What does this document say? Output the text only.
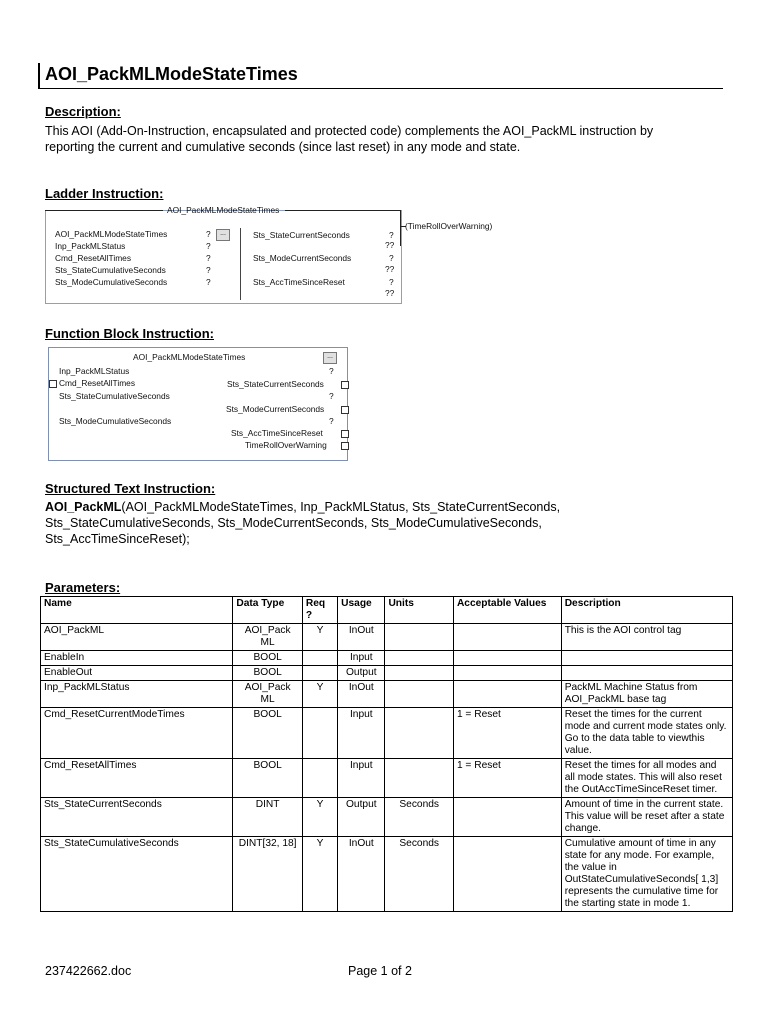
AOI_PackMLModeStateTimes
Description:
This AOI (Add-On-Instruction, encapsulated and protected code) complements the AOI_PackML instruction by
reporting the current and cumulative seconds (since last reset) in any mode and state.
Ladder Instruction:
AOI_PackMLModeStateTimes
AOI_PackMLModeStateTimes	?	...
Inp_PackMLStatus	?
Cmd_ResetAllTimes	?
Sts_StateCumulativeSeconds	?
Sts_ModeCumulativeSeconds	?
Sts_StateCurrentSeconds	?
??
Sts_ModeCurrentSeconds	?
??
Sts_AccTimeSinceReset	?
??
(TimeRollOverWarning)
Function Block Instruction:
AOI_PackMLModeStateTimes	...
Inp_PackMLStatus	?
Cmd_ResetAllTimes	Sts_StateCurrentSeconds
Sts_StateCumulativeSeconds	?
Sts_ModeCurrentSeconds
Sts_ModeCumulativeSeconds	?
Sts_AccTimeSinceReset
TimeRollOverWarning
Structured Text Instruction:
AOI_PackML(AOI_PackMLModeStateTimes, Inp_PackMLStatus, Sts_StateCurrentSeconds,
Sts_StateCumulativeSeconds, Sts_ModeCurrentSeconds, Sts_ModeCumulativeSeconds,
Sts_AccTimeSinceReset);
Parameters:
Name	Data Type	Req ?	Usage	Units	Acceptable Values	Description
AOI_PackML	AOI_Pack ML	Y	InOut			This is the AOI control tag
EnableIn	BOOL		Input			
EnableOut	BOOL		Output			
Inp_PackMLStatus	AOI_Pack ML	Y	InOut			PackML Machine Status from AOI_PackML base tag
Cmd_ResetCurrentModeTimes	BOOL		Input		1 = Reset	Reset the times for the current mode and current mode states only. Go to the data table to viewthis value.
Cmd_ResetAllTimes	BOOL		Input		1 = Reset	Reset the times for all modes and all mode states. This will also reset the OutAccTimeSinceReset timer.
Sts_StateCurrentSeconds	DINT	Y	Output	Seconds		Amount of time in the current state. This value will be reset after a state change.
Sts_StateCumulativeSeconds	DINT[32, 18]	Y	InOut	Seconds		Cumulative amount of time in any state for any mode. For example, the value in OutStateCumulativeSeconds[ 1,3] represents the cumulative time for the starting state in mode 1.
237422662.doc	Page 1 of 2
